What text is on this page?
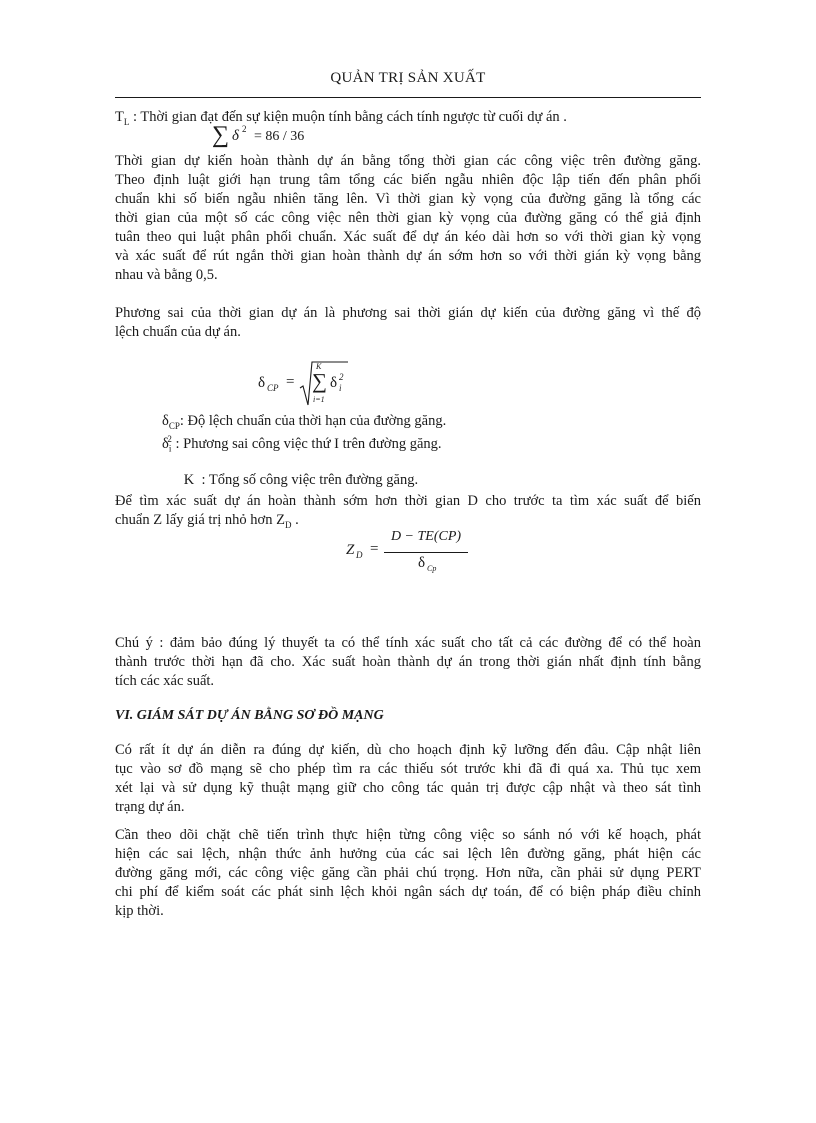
QUẢN TRỊ SẢN XUẤT
$T_L$ : Thời gian đạt đến sự kiện muộn tính bằng cách tính ngược từ cuối dự án .
∑ δ 2 = 86 / 36
Thời gian dự kiến hoàn thành dự án bằng tổng thời gian các công việc trên đường găng.
Theo định luật giới hạn trung tâm tổng các biến ngẫu nhiên độc lập tiến đến phân phối
chuẩn khi số biến ngẫu nhiên tăng lên. Vì thời gian kỳ vọng của đường găng là tổng các
thời gian của một số các công việc nên thời gian kỳ vọng của đường găng có thể giả định
tuân theo qui luật phân phối chuẩn. Xác suất để dự án kéo dài hơn so với thời gian kỳ vọng
và xác suất để rút ngắn thời gian hoàn thành dự án sớm hơn so với thời gián kỳ vọng bằng
nhau và bằng 0,5.
Phương sai của thời gian dự án là phương sai thời gián dự kiến của đường găng vì thế độ
lệch chuẩn của dự án.
δ CP =
K
∑
i=1
δ 2
i
$\delta_{CP}$: Độ lệch chuẩn của thời hạn của đường găng.
$\delta_i^2$ : Phương sai công việc thứ I trên đường găng.

K  : Tổng số công việc trên đường găng.

Để tìm xác suất dự án hoàn thành sớm hơn thời gian D cho trước ta tìm xác suất để biến
chuẩn Z lấy giá trị nhỏ hơn $Z_D$ .
Z D =
D − TE(CP)
δ Cp
Chú ý : đảm bảo đúng lý thuyết ta có thể tính xác suất cho tất cả các đường để có thể hoàn
thành trước thời hạn đã cho. Xác suất hoàn thành dự án trong thời gián nhất định tính bằng
tích các xác suất.
VI. GIÁM SÁT DỰ ÁN BẰNG SƠ ĐỒ MẠNG
Có rất ít dự án diễn ra đúng dự kiến, dù cho hoạch định kỹ lưỡng đến đâu. Cập nhật liên
tục vào sơ đồ mạng sẽ cho phép tìm ra các thiếu sót trước khi đã đi quá xa. Thủ tục xem
xét lại và sử dụng kỹ thuật mạng giữ cho công tác quản trị được cập nhật và theo sát tình
trạng dự án.
Cần theo dõi chặt chẽ tiến trình thực hiện từng công việc so sánh nó với kế hoạch, phát
hiện các sai lệch, nhận thức ảnh hưởng của các sai lệch lên đường găng, phát hiện các
đường găng mới, các công việc găng cần phải chú trọng. Hơn nữa, cần phải sử dụng PERT
chi phí để kiểm soát các phát sinh lệch khỏi ngân sách dự toán, để có biện pháp điều chỉnh
kịp thời.
